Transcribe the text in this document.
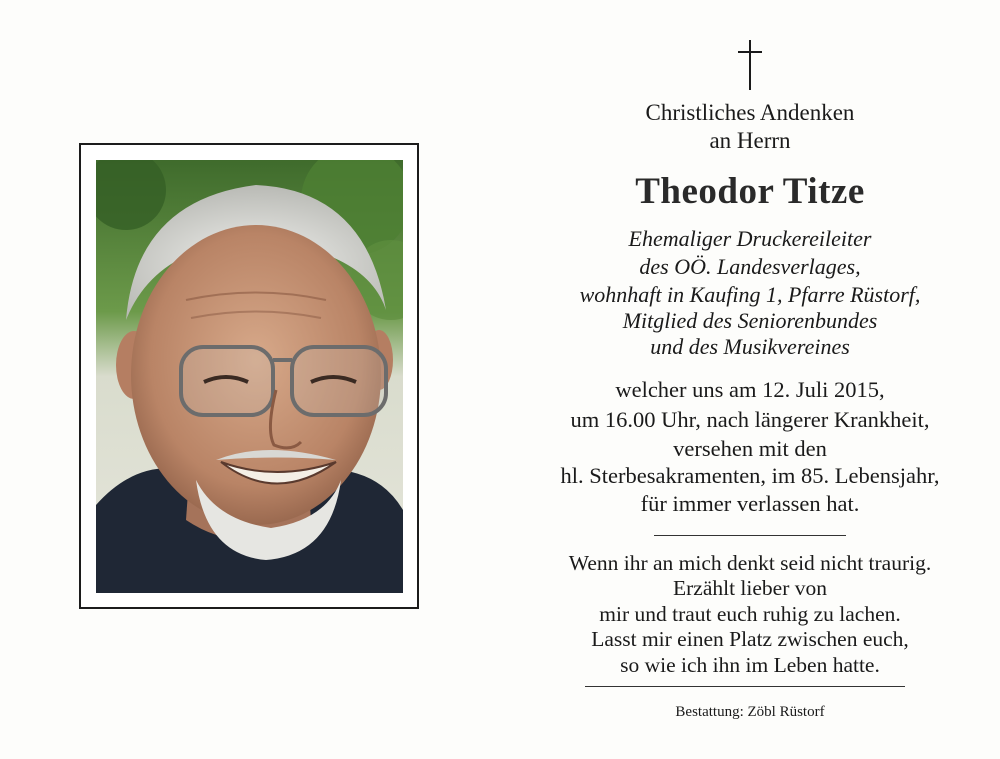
Christliches Andenken
an Herrn
Theodor Titze
Ehemaliger Druckereileiter
des OÖ. Landesverlages,
wohnhaft in Kaufing 1, Pfarre Rüstorf,
Mitglied des Seniorenbundes
und des Musikvereines
welcher uns am 12. Juli 2015,
um 16.00 Uhr, nach längerer Krankheit,
versehen mit den
hl. Sterbesakramenten, im 85. Lebensjahr,
für immer verlassen hat.
Wenn ihr an mich denkt seid nicht traurig.
Erzählt lieber von
mir und traut euch ruhig zu lachen.
Lasst mir einen Platz zwischen euch,
so wie ich ihn im Leben hatte.
Bestattung: Zöbl Rüstorf
